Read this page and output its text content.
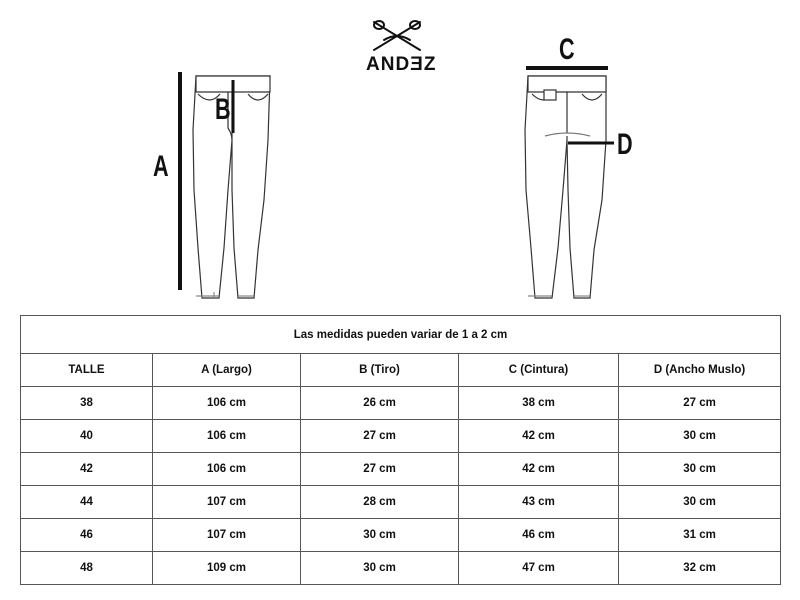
ANDƎZ
A
B
C
D
Las medidas pueden variar de 1 a 2 cm				
TALLE	A (Largo)	B (Tiro)	C (Cintura)	D (Ancho Muslo)
38	106 cm	26 cm	38 cm	27 cm
40	106 cm	27 cm	42 cm	30 cm
42	106 cm	27 cm	42 cm	30 cm
44	107 cm	28 cm	43 cm	30 cm
46	107 cm	30 cm	46 cm	31 cm
48	109 cm	30 cm	47 cm	32 cm
